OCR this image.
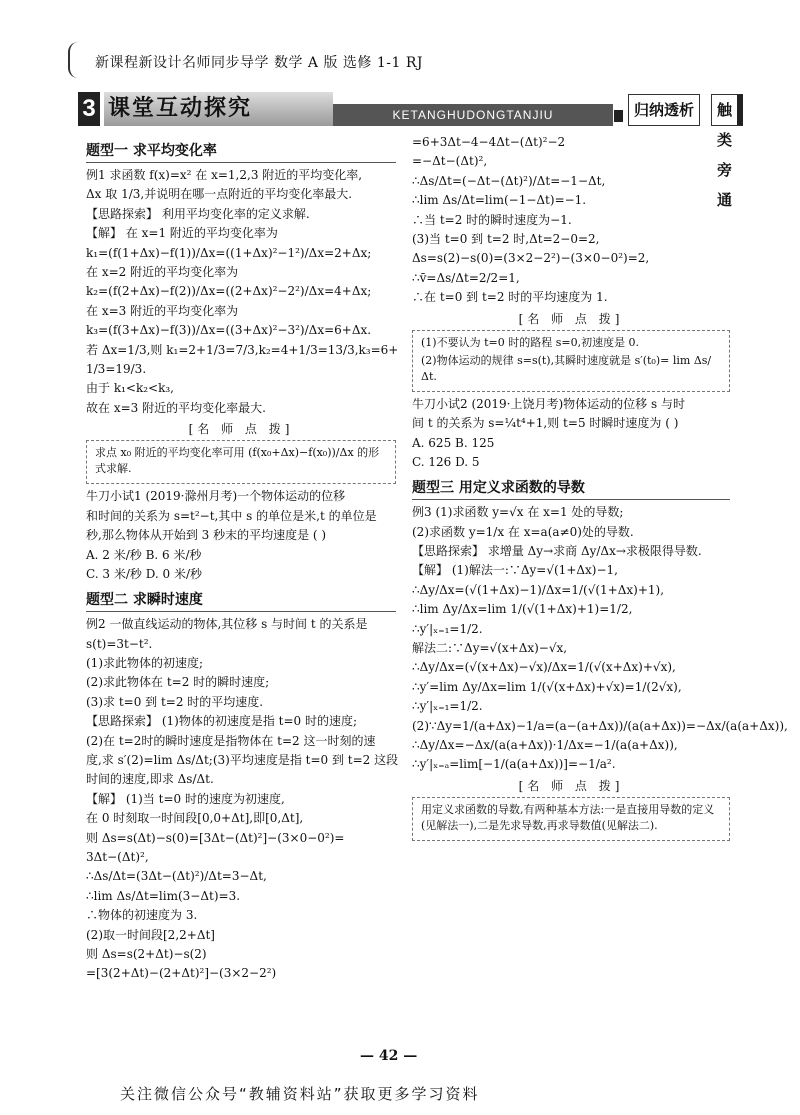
新课程新设计名师同步导学 数学 A 版 选修 1-1 RJ
3 课堂互动探究	KETANGHUDONGTANJIU	归纳透析	触类旁通

题型一 求平均变化率

例1 求函数 f(x)=x² 在 x=1,2,3 附近的平均变化率,

Δx 取 1/3,并说明在哪一点附近的平均变化率最大.

【思路探索】 利用平均变化率的定义求解.

【解】 在 x=1 附近的平均变化率为

k₁=(f(1+Δx)−f(1))/Δx=((1+Δx)²−1²)/Δx=2+Δx;

在 x=2 附近的平均变化率为

k₂=(f(2+Δx)−f(2))/Δx=((2+Δx)²−2²)/Δx=4+Δx;

在 x=3 附近的平均变化率为

k₃=(f(3+Δx)−f(3))/Δx=((3+Δx)²−3²)/Δx=6+Δx.

若 Δx=1/3,则 k₁=2+1/3=7/3,k₂=4+1/3=13/3,k₃=6+

1/3=19/3.

由于 k₁<k₂<k₃,

故在 x=3 附近的平均变化率最大.

[名 师 点 拨]

求点 x₀ 附近的平均变化率可用 (f(x₀+Δx)−f(x₀))/Δx 的形式求解.

牛刀小试1 (2019·滁州月考)一个物体运动的位移

和时间的关系为 s=t²−t,其中 s 的单位是米,t 的单位是

秒,那么物体从开始到 3 秒末的平均速度是 ( )

A. 2 米/秒 B. 6 米/秒

C. 3 米/秒 D. 0 米/秒

题型二 求瞬时速度

例2 一做直线运动的物体,其位移 s 与时间 t 的关系是

s(t)=3t−t².

(1)求此物体的初速度;

(2)求此物体在 t=2 时的瞬时速度;

(3)求 t=0 到 t=2 时的平均速度.

【思路探索】 (1)物体的初速度是指 t=0 时的速度;

(2)在 t=2时的瞬时速度是指物体在 t=2 这一时刻的速

度,求 s′(2)=lim Δs/Δt;(3)平均速度是指 t=0 到 t=2 这段

时间的速度,即求 Δs/Δt.

【解】 (1)当 t=0 时的速度为初速度,

在 0 时刻取一时间段[0,0+Δt],即[0,Δt],

则 Δs=s(Δt)−s(0)=[3Δt−(Δt)²]−(3×0−0²)=

3Δt−(Δt)²,

∴Δs/Δt=(3Δt−(Δt)²)/Δt=3−Δt,

∴lim Δs/Δt=lim(3−Δt)=3.

∴物体的初速度为 3.

(2)取一时间段[2,2+Δt]

则 Δs=s(2+Δt)−s(2)

=[3(2+Δt)−(2+Δt)²]−(3×2−2²)

=6+3Δt−4−4Δt−(Δt)²−2

=−Δt−(Δt)²,

∴Δs/Δt=(−Δt−(Δt)²)/Δt=−1−Δt,

∴lim Δs/Δt=lim(−1−Δt)=−1.

∴当 t=2 时的瞬时速度为−1.

(3)当 t=0 到 t=2 时,Δt=2−0=2,

Δs=s(2)−s(0)=(3×2−2²)−(3×0−0²)=2,

∴v̄=Δs/Δt=2/2=1,

∴在 t=0 到 t=2 时的平均速度为 1.

[名 师 点 拨]

(1)不要认为 t=0 时的路程 s=0,初速度是 0.

(2)物体运动的规律 s=s(t),其瞬时速度就是 s′(t₀)= lim Δs/Δt.

牛刀小试2 (2019·上饶月考)物体运动的位移 s 与时

间 t 的关系为 s=¼t⁴+1,则 t=5 时瞬时速度为 ( )

A. 625 B. 125

C. 126 D. 5

题型三 用定义求函数的导数

例3 (1)求函数 y=√x 在 x=1 处的导数;

(2)求函数 y=1/x 在 x=a(a≠0)处的导数.

【思路探索】 求增量 Δy→求商 Δy/Δx→求极限得导数.

【解】 (1)解法一:∵Δy=√(1+Δx)−1,

∴Δy/Δx=(√(1+Δx)−1)/Δx=1/(√(1+Δx)+1),

∴lim Δy/Δx=lim 1/(√(1+Δx)+1)=1/2,

∴y′|ₓ₌₁=1/2.

解法二:∵Δy=√(x+Δx)−√x,

∴Δy/Δx=(√(x+Δx)−√x)/Δx=1/(√(x+Δx)+√x),

∴y′=lim Δy/Δx=lim 1/(√(x+Δx)+√x)=1/(2√x),

∴y′|ₓ₌₁=1/2.

(2)∵Δy=1/(a+Δx)−1/a=(a−(a+Δx))/(a(a+Δx))=−Δx/(a(a+Δx)),

∴Δy/Δx=−Δx/(a(a+Δx))·1/Δx=−1/(a(a+Δx)),

∴y′|ₓ₌ₐ=lim[−1/(a(a+Δx))]=−1/a².

[名 师 点 拨]

用定义求函数的导数,有两种基本方法:一是直接用导数的定义(见解法一),二是先求导数,再求导数值(见解法二).

— 42 —
关注微信公众号“教辅资料站”获取更多学习资料
